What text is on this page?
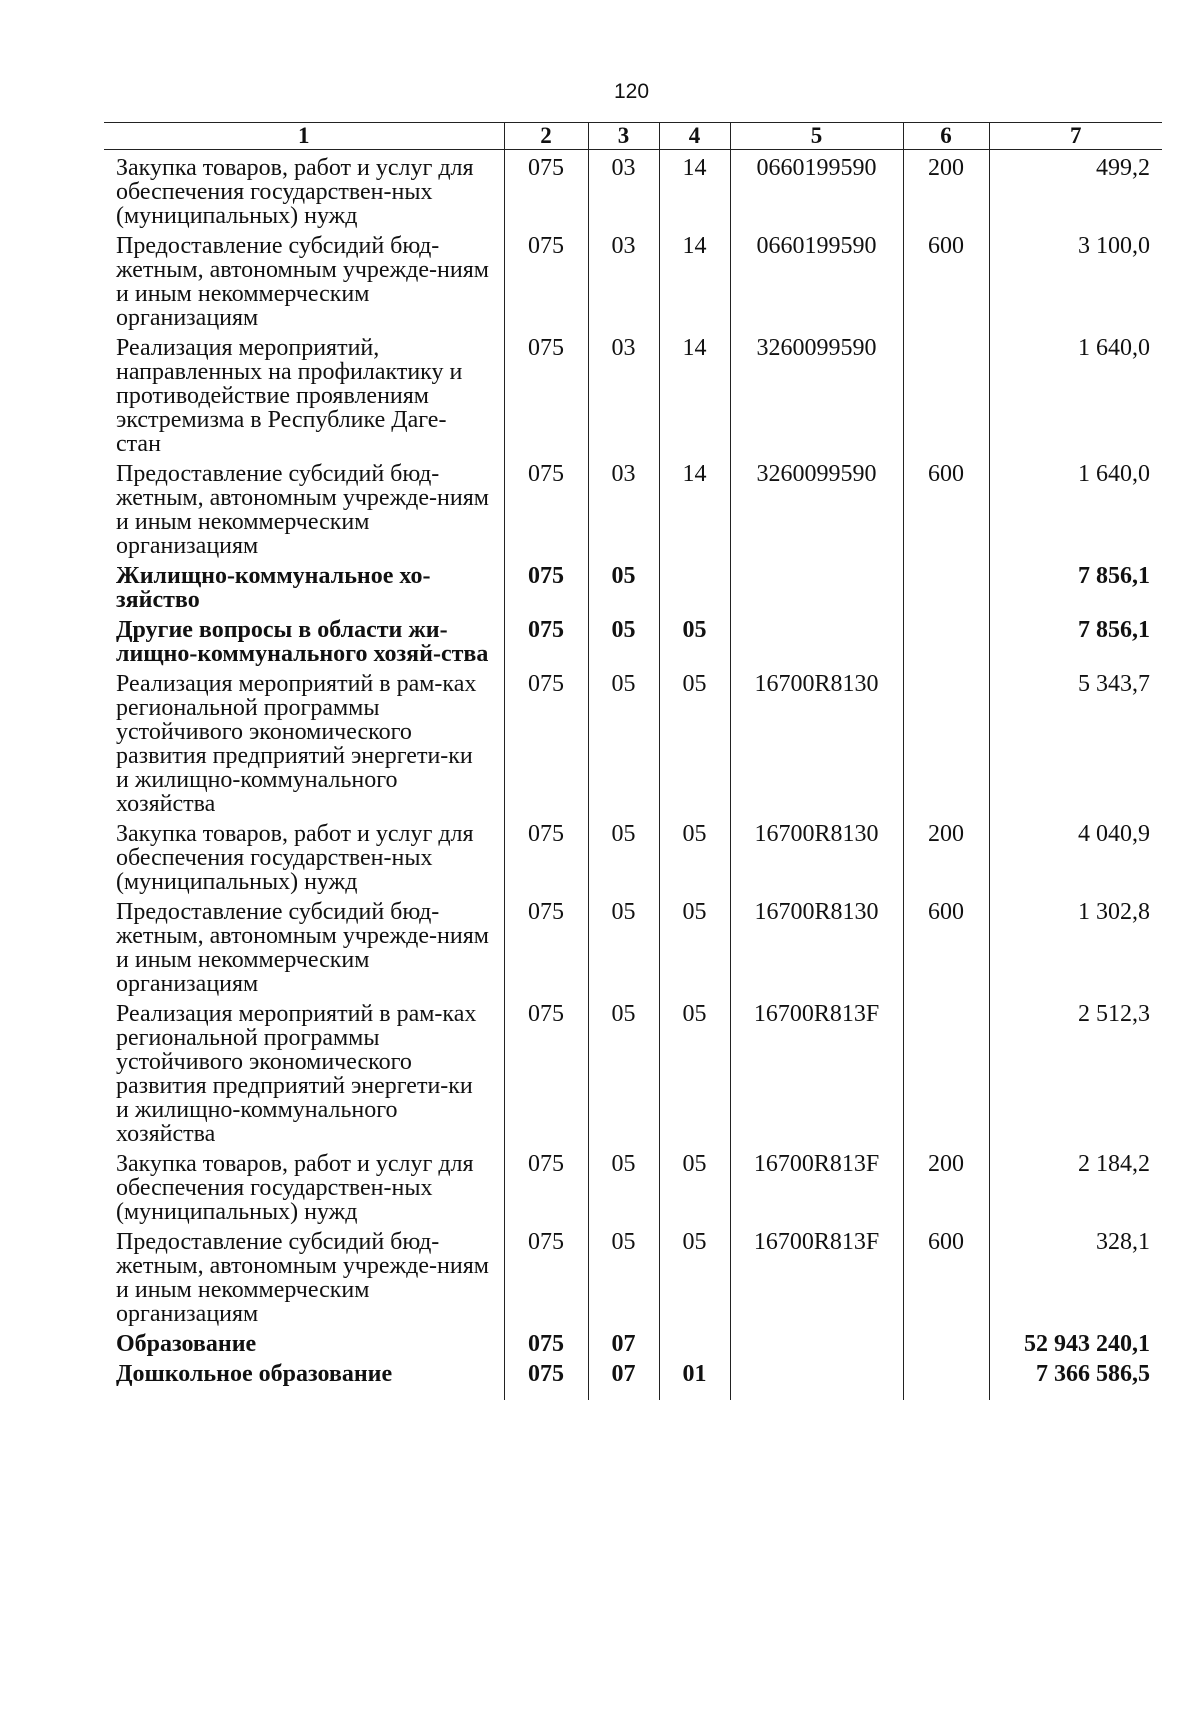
120
1	2	3	4	5	6	7
Закупка товаров, работ и услуг для обеспечения государствен-ных (муниципальных) нужд	075	03	14	0660199590	200	499,2
Предоставление субсидий бюд-жетным, автономным учрежде-ниям и иным некоммерческим организациям	075	03	14	0660199590	600	3 100,0
Реализация мероприятий, направленных на профилактику и противодействие проявлениям экстремизма в Республике Даге-стан	075	03	14	3260099590		1 640,0
Предоставление субсидий бюд-жетным, автономным учрежде-ниям и иным некоммерческим организациям	075	03	14	3260099590	600	1 640,0
Жилищно-коммунальное хо-зяйство	075	05				7 856,1
Другие вопросы в области жи-лищно-коммунального хозяй-ства	075	05	05			7 856,1
Реализация мероприятий в рам-ках региональной программы устойчивого экономического развития предприятий энергети-ки и жилищно-коммунального хозяйства	075	05	05	16700R8130		5 343,7
Закупка товаров, работ и услуг для обеспечения государствен-ных (муниципальных) нужд	075	05	05	16700R8130	200	4 040,9
Предоставление субсидий бюд-жетным, автономным учрежде-ниям и иным некоммерческим организациям	075	05	05	16700R8130	600	1 302,8
Реализация мероприятий в рам-ках региональной программы устойчивого экономического развития предприятий энергети-ки и жилищно-коммунального хозяйства	075	05	05	16700R813F		2 512,3
Закупка товаров, работ и услуг для обеспечения государствен-ных (муниципальных) нужд	075	05	05	16700R813F	200	2 184,2
Предоставление субсидий бюд-жетным, автономным учрежде-ниям и иным некоммерческим организациям	075	05	05	16700R813F	600	328,1
Образование	075	07				52 943 240,1
Дошкольное образование	075	07	01			7 366 586,5
